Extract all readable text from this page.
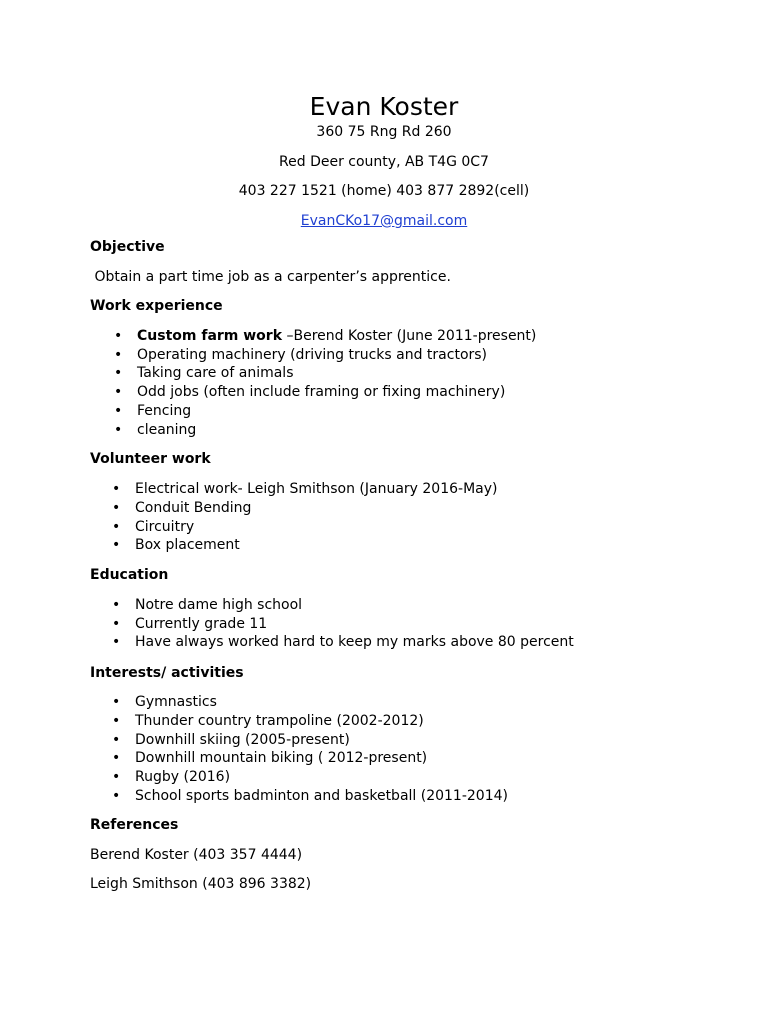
Evan Koster

360 75 Rng Rd 260

Red Deer county, AB T4G 0C7

403 227 1521 (home) 403 877 2892(cell)

EvanCKo17@gmail.com

Objective

Obtain a part time job as a carpenter’s apprentice.

Work experience

• Custom farm work –Berend Koster (June 2011-present)
• Operating machinery (driving trucks and tractors)
• Taking care of animals
• Odd jobs (often include framing or fixing machinery)
• Fencing
• cleaning

Volunteer work

• Electrical work- Leigh Smithson (January 2016-May)
• Conduit Bending
• Circuitry
• Box placement

Education

• Notre dame high school
• Currently grade 11
• Have always worked hard to keep my marks above 80 percent

Interests/ activities

• Gymnastics
• Thunder country trampoline (2002-2012)
• Downhill skiing (2005-present)
• Downhill mountain biking ( 2012-present)
• Rugby (2016)
• School sports badminton and basketball (2011-2014)

References

Berend Koster (403 357 4444)

Leigh Smithson (403 896 3382)
